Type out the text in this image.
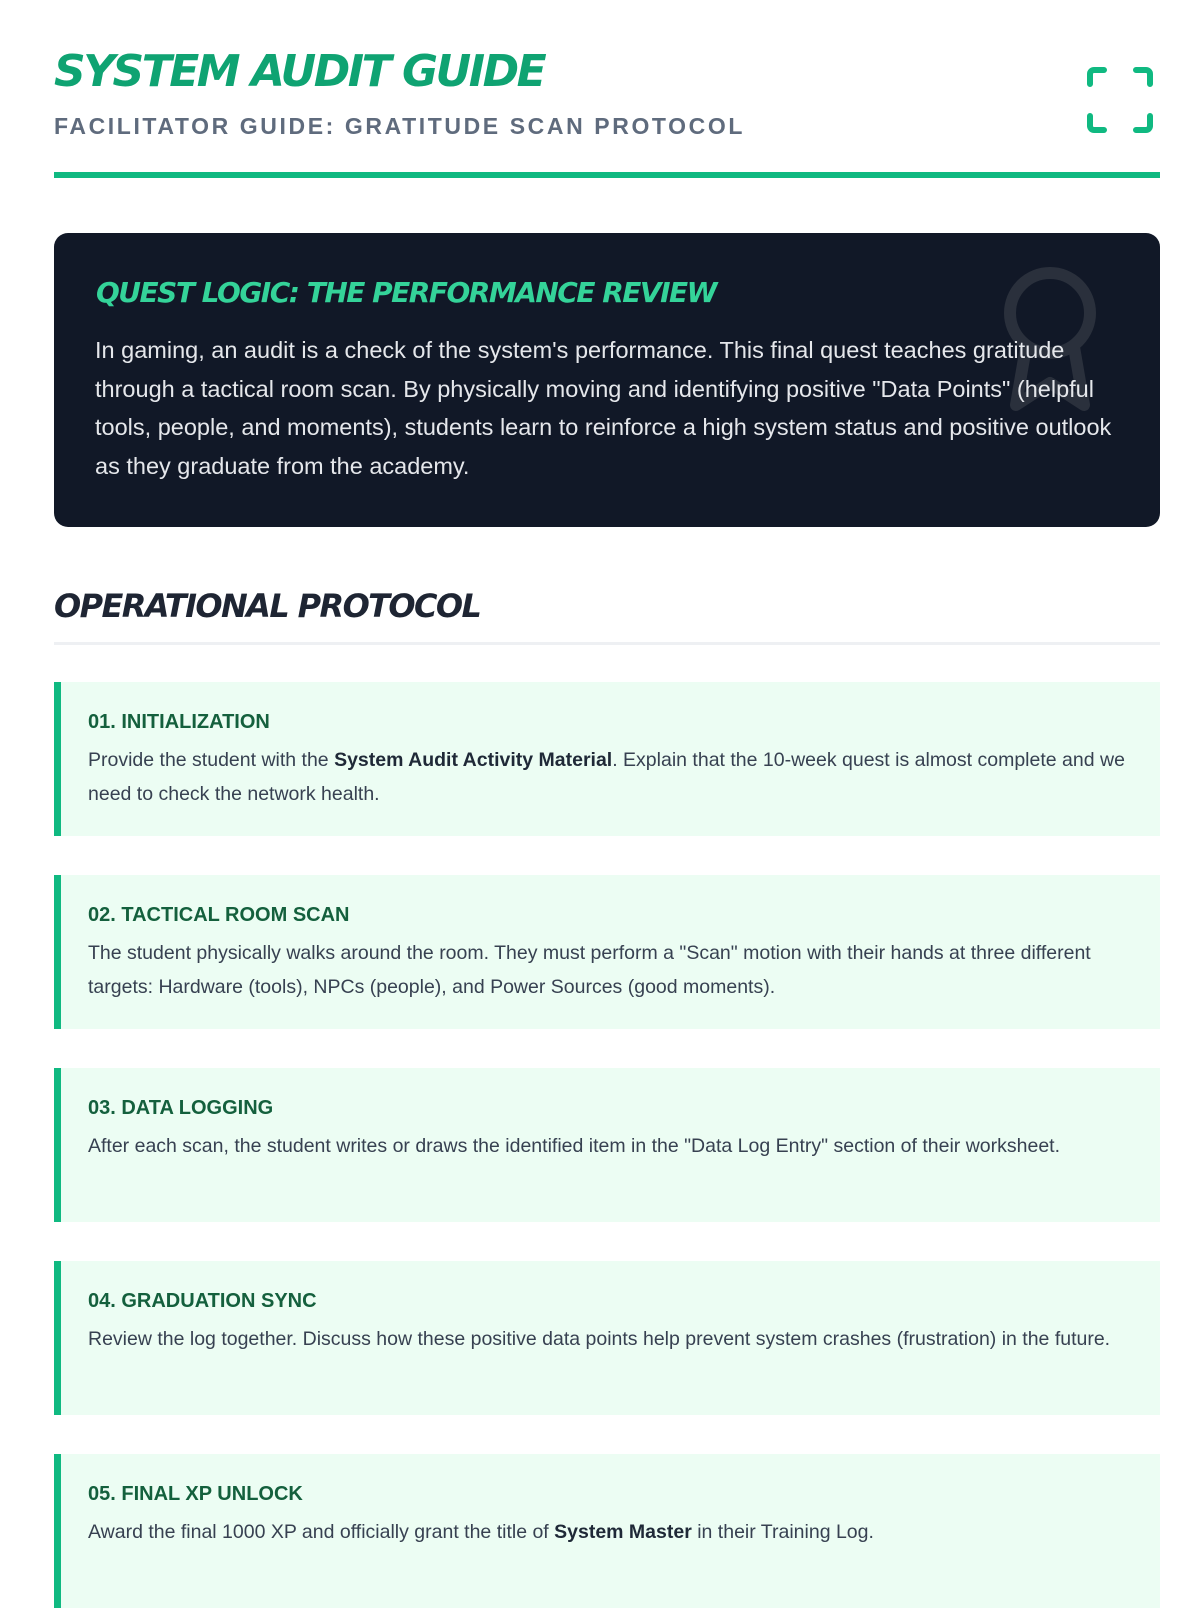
SYSTEM AUDIT GUIDE
FACILITATOR GUIDE: GRATITUDE SCAN PROTOCOL
QUEST LOGIC: THE PERFORMANCE REVIEW

In gaming, an audit is a check of the system's performance. This final quest teaches gratitude through a tactical room scan. By physically moving and identifying positive "Data Points" (helpful tools, people, and moments), students learn to reinforce a high system status and positive outlook as they graduate from the academy.

OPERATIONAL PROTOCOL
01. INITIALIZATION

Provide the student with the System Audit Activity Material. Explain that the 10-week quest is almost complete and we need to check the network health.

02. TACTICAL ROOM SCAN

The student physically walks around the room. They must perform a "Scan" motion with their hands at three different targets: Hardware (tools), NPCs (people), and Power Sources (good moments).

03. DATA LOGGING

After each scan, the student writes or draws the identified item in the "Data Log Entry" section of their worksheet.

04. GRADUATION SYNC

Review the log together. Discuss how these positive data points help prevent system crashes (frustration) in the future.

05. FINAL XP UNLOCK

Award the final 1000 XP and officially grant the title of System Master in their Training Log.
